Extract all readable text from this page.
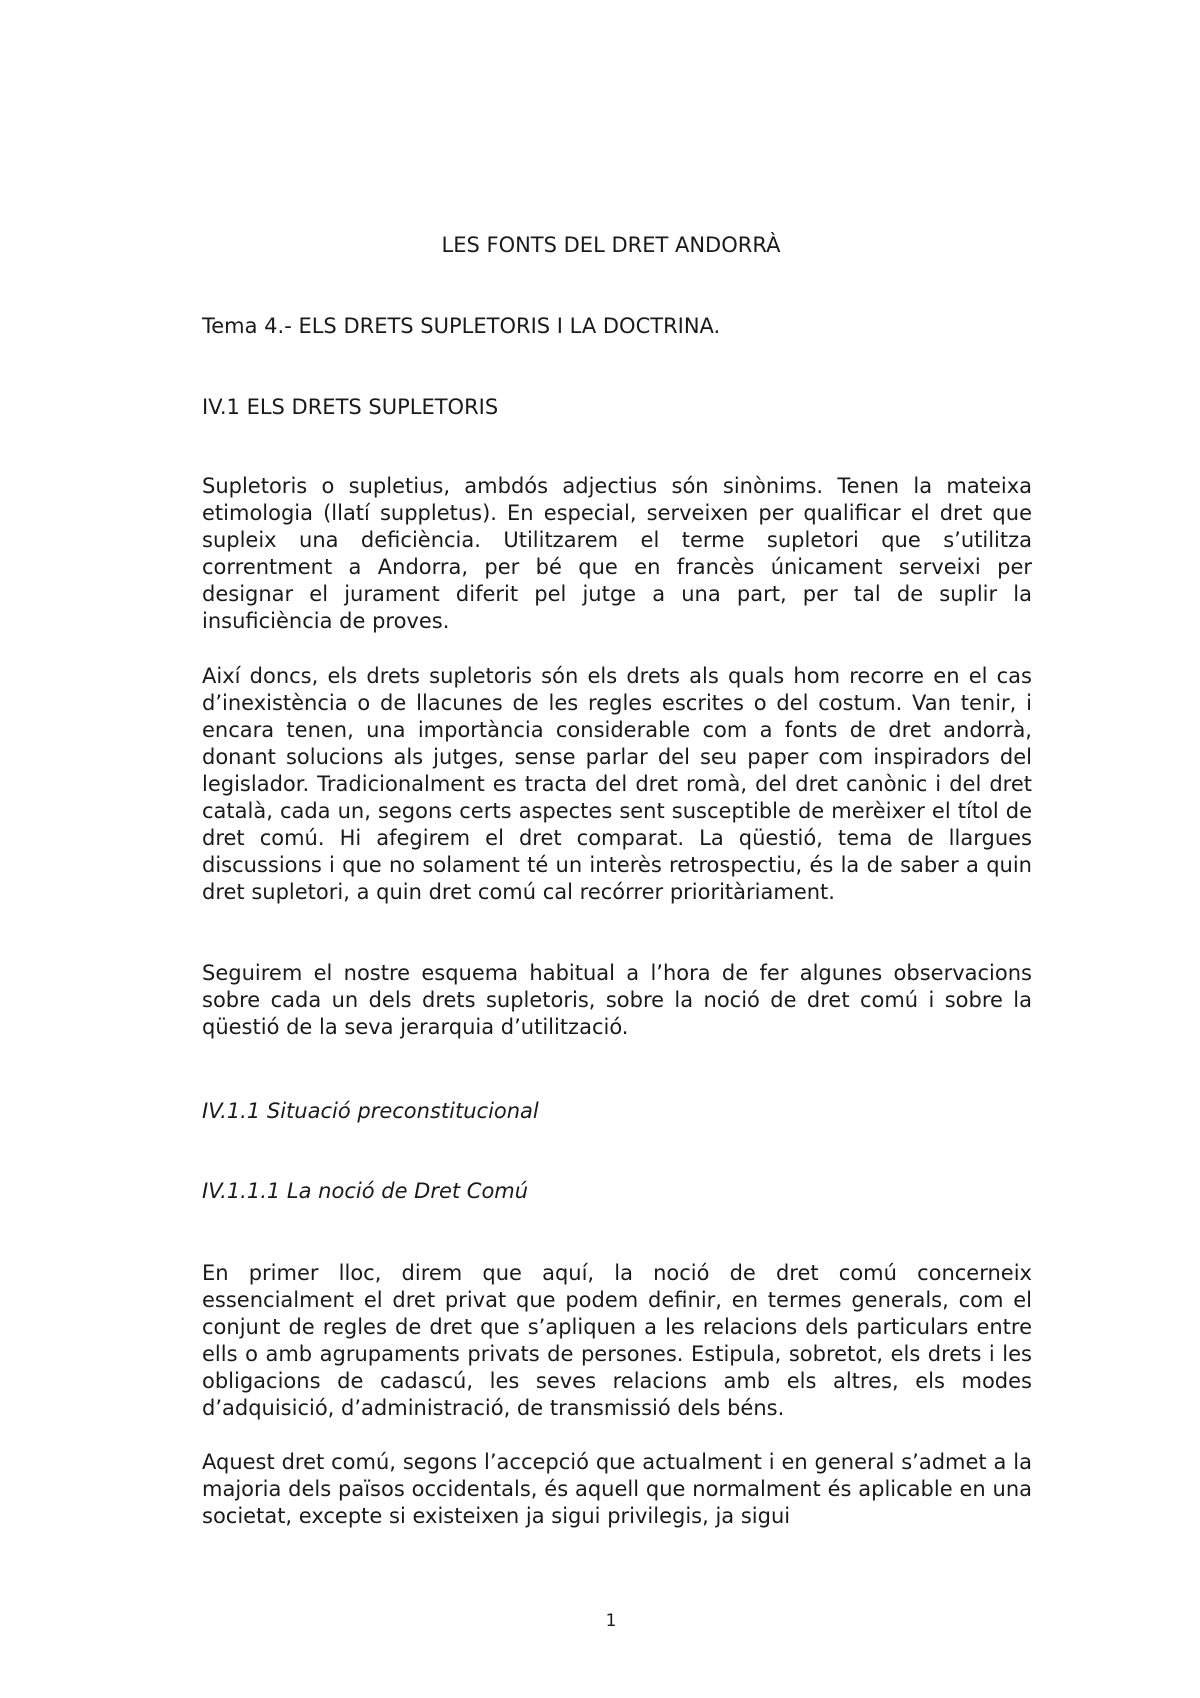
LES FONTS DEL DRET ANDORRÀ
Tema 4.- ELS DRETS SUPLETORIS I LA DOCTRINA.
IV.1 ELS DRETS SUPLETORIS

Supletoris o supletius, ambdós adjectius són sinònims. Tenen la mateixa etimologia (llatí suppletus). En especial, serveixen per qualificar el dret que supleix una deficiència. Utilitzarem el terme supletori que s’utilitza correntment a Andorra, per bé que en francès únicament serveixi per designar el jurament diferit pel jutge a una part, per tal de suplir la insuficiència de proves.

Així doncs, els drets supletoris són els drets als quals hom recorre en el cas d’inexistència o de llacunes de les regles escrites o del costum. Van tenir, i encara tenen, una importància considerable com a fonts de dret andorrà, donant solucions als jutges, sense parlar del seu paper com inspiradors del legislador. Tradicionalment es tracta del dret romà, del dret canònic i del dret català, cada un, segons certs aspectes sent susceptible de merèixer el títol de dret comú. Hi afegirem el dret comparat. La qüestió, tema de llargues discussions i que no solament té un interès retrospectiu, és la de saber a quin dret supletori, a quin dret comú cal recórrer prioritàriament.

Seguirem el nostre esquema habitual a l’hora de fer algunes observacions sobre cada un dels drets supletoris, sobre la noció de dret comú i sobre la qüestió de la seva jerarquia d’utilització.

IV.1.1 Situació preconstitucional
IV.1.1.1 La noció de Dret Comú

En primer lloc, direm que aquí, la noció de dret comú concerneix essencialment el dret privat que podem definir, en termes generals, com el conjunt de regles de dret que s’apliquen a les relacions dels particulars entre ells o amb agrupaments privats de persones. Estipula, sobretot, els drets i les obligacions de cadascú, les seves relacions amb els altres, els modes d’adquisició, d’administració, de transmissió dels béns.

Aquest dret comú, segons l’accepció que actualment i en general s’admet a la majoria dels països occidentals, és aquell que normalment és aplicable en una societat, excepte si existeixen ja sigui privilegis, ja sigui

1
